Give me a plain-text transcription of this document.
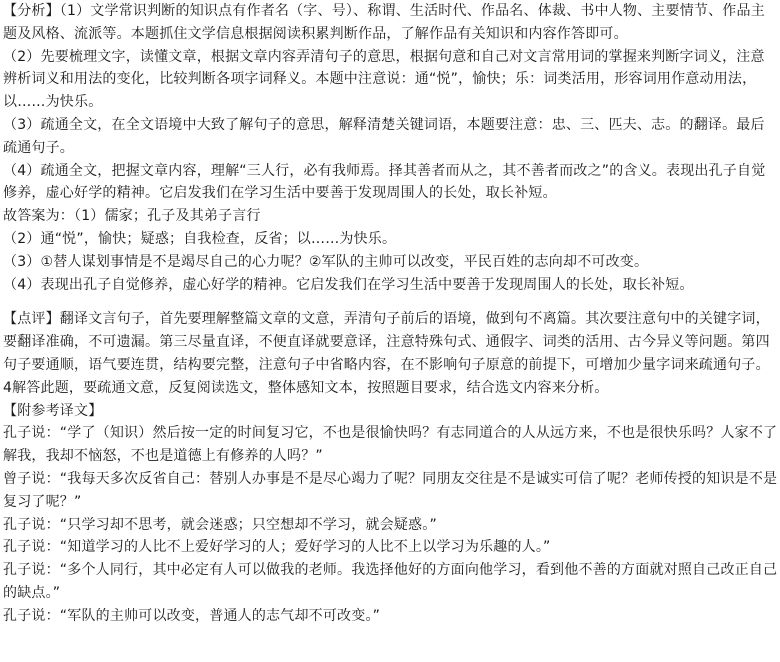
【分析】（1）文学常识判断的知识点有作者名（字、号）、称谓、生活时代、作品名、体裁、书中人物、主要情节、作品主题及风格、流派等。本题抓住文学信息根据阅读积累判断作品，了解作品有关知识和内容作答即可。

（2）先要梳理文字，读懂文章，根据文章内容弄清句子的意思，根据句意和自己对文言常用词的掌握来判断字词义，注意辨析词义和用法的变化，比较判断各项字词释义。本题中注意说：通“悦”，愉快；乐：词类活用，形容词用作意动用法，以……为快乐。

（3）疏通全文，在全文语境中大致了解句子的意思，解释清楚关键词语，本题要注意：忠、三、匹夫、志。的翻译。最后疏通句子。

（4）疏通全文，把握文章内容，理解“三人行，必有我师焉。择其善者而从之，其不善者而改之”的含义。表现出孔子自觉修养，虚心好学的精神。它启发我们在学习生活中要善于发现周围人的长处，取长补短。

故答案为：（1）儒家；孔子及其弟子言行

（2）通“悦”，愉快；疑惑；自我检查，反省；以……为快乐。

（3）①替人谋划事情是不是竭尽自己的心力呢？②军队的主帅可以改变，平民百姓的志向却不可改变。

（4）表现出孔子自觉修养，虚心好学的精神。它启发我们在学习生活中要善于发现周围人的长处，取长补短。

【点评】翻译文言句子，首先要理解整篇文章的文意，弄清句子前后的语境，做到句不离篇。其次要注意句中的关键字词，要翻译准确，不可遗漏。第三尽量直译，不便直译就要意译，注意特殊句式、通假字、词类的活用、古今异义等问题。第四句子要通顺，语气要连贯，结构要完整，注意句子中省略内容，在不影响句子原意的前提下，可增加少量字词来疏通句子。4解答此题，要疏通文意，反复阅读选文，整体感知文本，按照题目要求，结合选文内容来分析。

【附参考译文】

孔子说：“学了（知识）然后按一定的时间复习它，不也是很愉快吗？有志同道合的人从远方来，不也是很快乐吗？人家不了解我，我却不恼怒，不也是道德上有修养的人吗？”

曾子说：“我每天多次反省自己：替别人办事是不是尽心竭力了呢？同朋友交往是不是诚实可信了呢？老师传授的知识是不是复习了呢？”

孔子说：“只学习却不思考，就会迷惑；只空想却不学习，就会疑惑。”

孔子说：“知道学习的人比不上爱好学习的人；爱好学习的人比不上以学习为乐趣的人。”

孔子说：“多个人同行，其中必定有人可以做我的老师。我选择他好的方面向他学习，看到他不善的方面就对照自己改正自己的缺点。”

孔子说：“军队的主帅可以改变，普通人的志气却不可改变。”
